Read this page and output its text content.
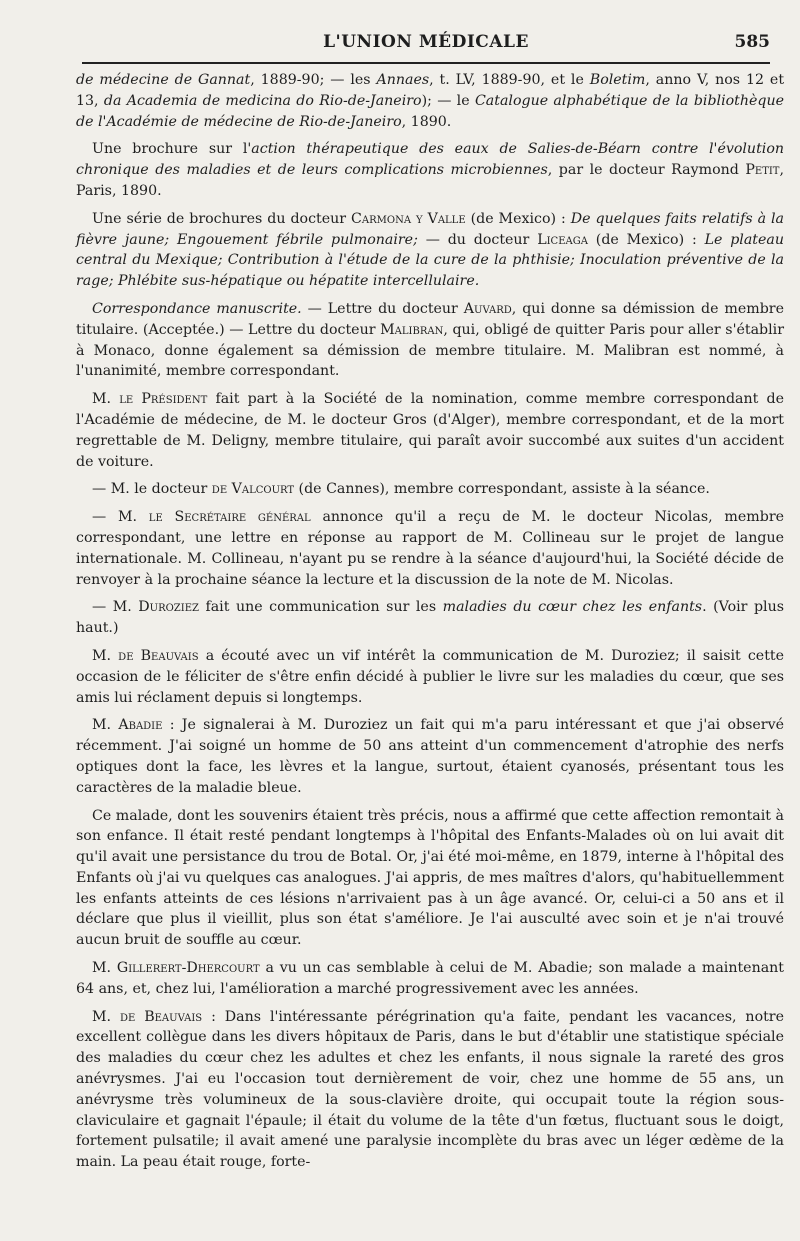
L'UNION MÉDICALE	585

de médecine de Gannat, 1889-90; — les Annaes, t. LV, 1889-90, et le Boletim, anno V, nos 12 et 13, da Academia de medicina do Rio-de-Janeiro); — le Catalogue alphabétique de la bibliothèque de l'Académie de médecine de Rio-de-Janeiro, 1890.

Une brochure sur l'action thérapeutique des eaux de Salies-de-Béarn contre l'évolution chronique des maladies et de leurs complications microbiennes, par le docteur Raymond Petit, Paris, 1890.

Une série de brochures du docteur Carmona y Valle (de Mexico) : De quelques faits relatifs à la fièvre jaune; Engouement fébrile pulmonaire; — du docteur Liceaga (de Mexico) : Le plateau central du Mexique; Contribution à l'étude de la cure de la phthisie; Inoculation préventive de la rage; Phlébite sus-hépatique ou hépatite intercellulaire.

Correspondance manuscrite. — Lettre du docteur Auvard, qui donne sa démission de membre titulaire. (Acceptée.) — Lettre du docteur Malibran, qui, obligé de quitter Paris pour aller s'établir à Monaco, donne également sa démission de membre titulaire. M. Malibran est nommé, à l'unanimité, membre correspondant.

M. le Président fait part à la Société de la nomination, comme membre correspondant de l'Académie de médecine, de M. le docteur Gros (d'Alger), membre correspondant, et de la mort regrettable de M. Deligny, membre titulaire, qui paraît avoir succombé aux suites d'un accident de voiture.

— M. le docteur de Valcourt (de Cannes), membre correspondant, assiste à la séance.

— M. le Secrétaire général annonce qu'il a reçu de M. le docteur Nicolas, membre correspondant, une lettre en réponse au rapport de M. Collineau sur le projet de langue internationale. M. Collineau, n'ayant pu se rendre à la séance d'aujourd'hui, la Société décide de renvoyer à la prochaine séance la lecture et la discussion de la note de M. Nicolas.

— M. Duroziez fait une communication sur les maladies du cœur chez les enfants. (Voir plus haut.)

M. de Beauvais a écouté avec un vif intérêt la communication de M. Duroziez; il saisit cette occasion de le féliciter de s'être enfin décidé à publier le livre sur les maladies du cœur, que ses amis lui réclament depuis si longtemps.

M. Abadie : Je signalerai à M. Duroziez un fait qui m'a paru intéressant et que j'ai observé récemment. J'ai soigné un homme de 50 ans atteint d'un commencement d'atrophie des nerfs optiques dont la face, les lèvres et la langue, surtout, étaient cyanosés, présentant tous les caractères de la maladie bleue.

Ce malade, dont les souvenirs étaient très précis, nous a affirmé que cette affection remontait à son enfance. Il était resté pendant longtemps à l'hôpital des Enfants-Malades où on lui avait dit qu'il avait une persistance du trou de Botal. Or, j'ai été moi-même, en 1879, interne à l'hôpital des Enfants où j'ai vu quelques cas analogues. J'ai appris, de mes maîtres d'alors, qu'habituellemment les enfants atteints de ces lésions n'arrivaient pas à un âge avancé. Or, celui-ci a 50 ans et il déclare que plus il vieillit, plus son état s'améliore. Je l'ai ausculté avec soin et je n'ai trouvé aucun bruit de souffle au cœur.

M. Gillerert-Dhercourt a vu un cas semblable à celui de M. Abadie; son malade a maintenant 64 ans, et, chez lui, l'amélioration a marché progressivement avec les années.

M. de Beauvais : Dans l'intéressante pérégrination qu'a faite, pendant les vacances, notre excellent collègue dans les divers hôpitaux de Paris, dans le but d'établir une statistique spéciale des maladies du cœur chez les adultes et chez les enfants, il nous signale la rareté des gros anévrysmes. J'ai eu l'occasion tout dernièrement de voir, chez une homme de 55 ans, un anévrysme très volumineux de la sous-clavière droite, qui occupait toute la région sous-claviculaire et gagnait l'épaule; il était du volume de la tête d'un fœtus, fluctuant sous le doigt, fortement pulsatile; il avait amené une paralysie incomplète du bras avec un léger œdème de la main. La peau était rouge, forte-
